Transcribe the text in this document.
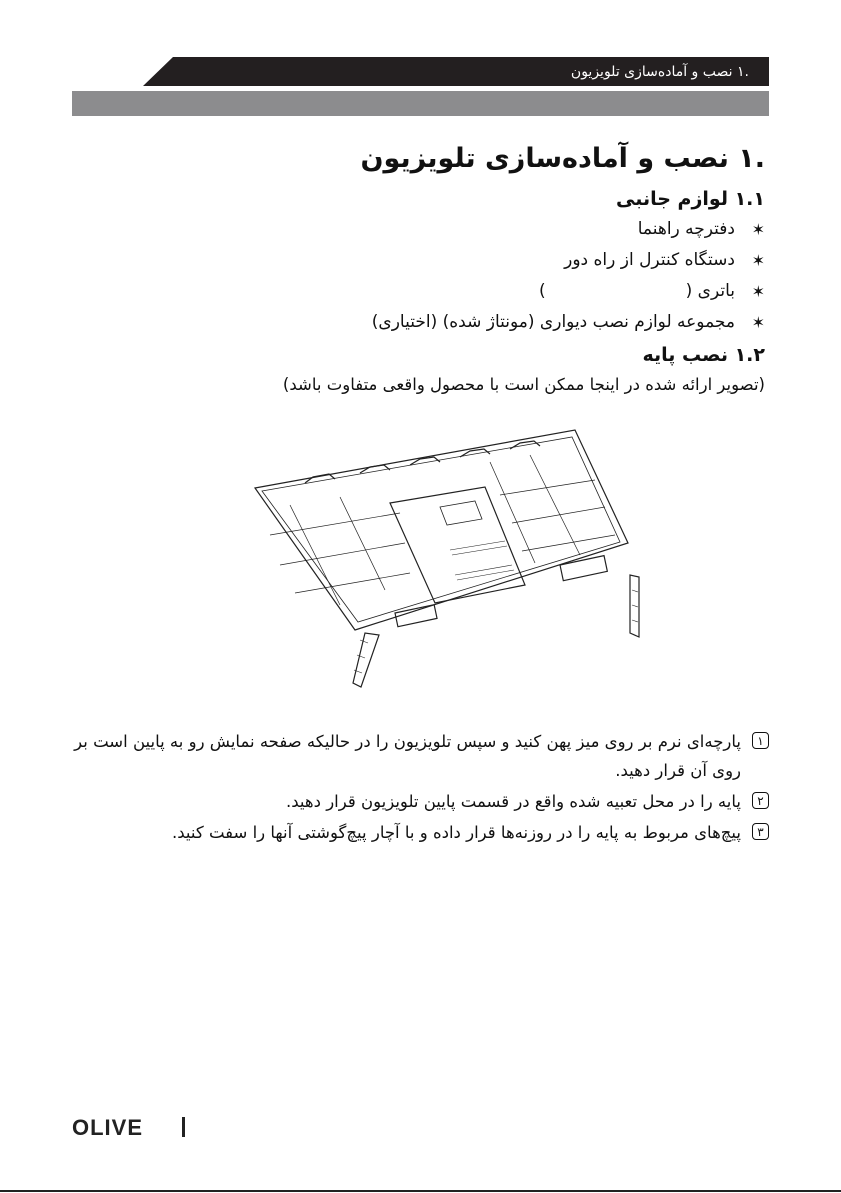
.۱ نصب و آماده‌سازی تلویزیون
.۱ نصب و آماده‌سازی تلویزیون
۱.۱ لوازم جانبی
✶
دفترچه راهنما
✶
دستگاه کنترل از راه دور
✶
باتری ()
✶
مجموعه لوازم نصب دیواری (مونتاژ شده) (اختیاری)
۱.۲ نصب پایه
(تصویر ارائه شده در اینجا ممکن است با محصول واقعی متفاوت باشد)
۱
پارچه‌ای نرم بر روی میز پهن کنید و سپس تلویزیون را در حالیکه صفحه نمایش رو به پایین است بر روی آن قرار دهید.
۲
پایه را در محل تعبیه شده واقع در قسمت پایین تلویزیون قرار دهید.
۳
پیچ‌های مربوط به پایه را در روزنه‌ها قرار داده و با آچار پیچ‌گوشتی آنها را سفت کنید.
OLIVE
